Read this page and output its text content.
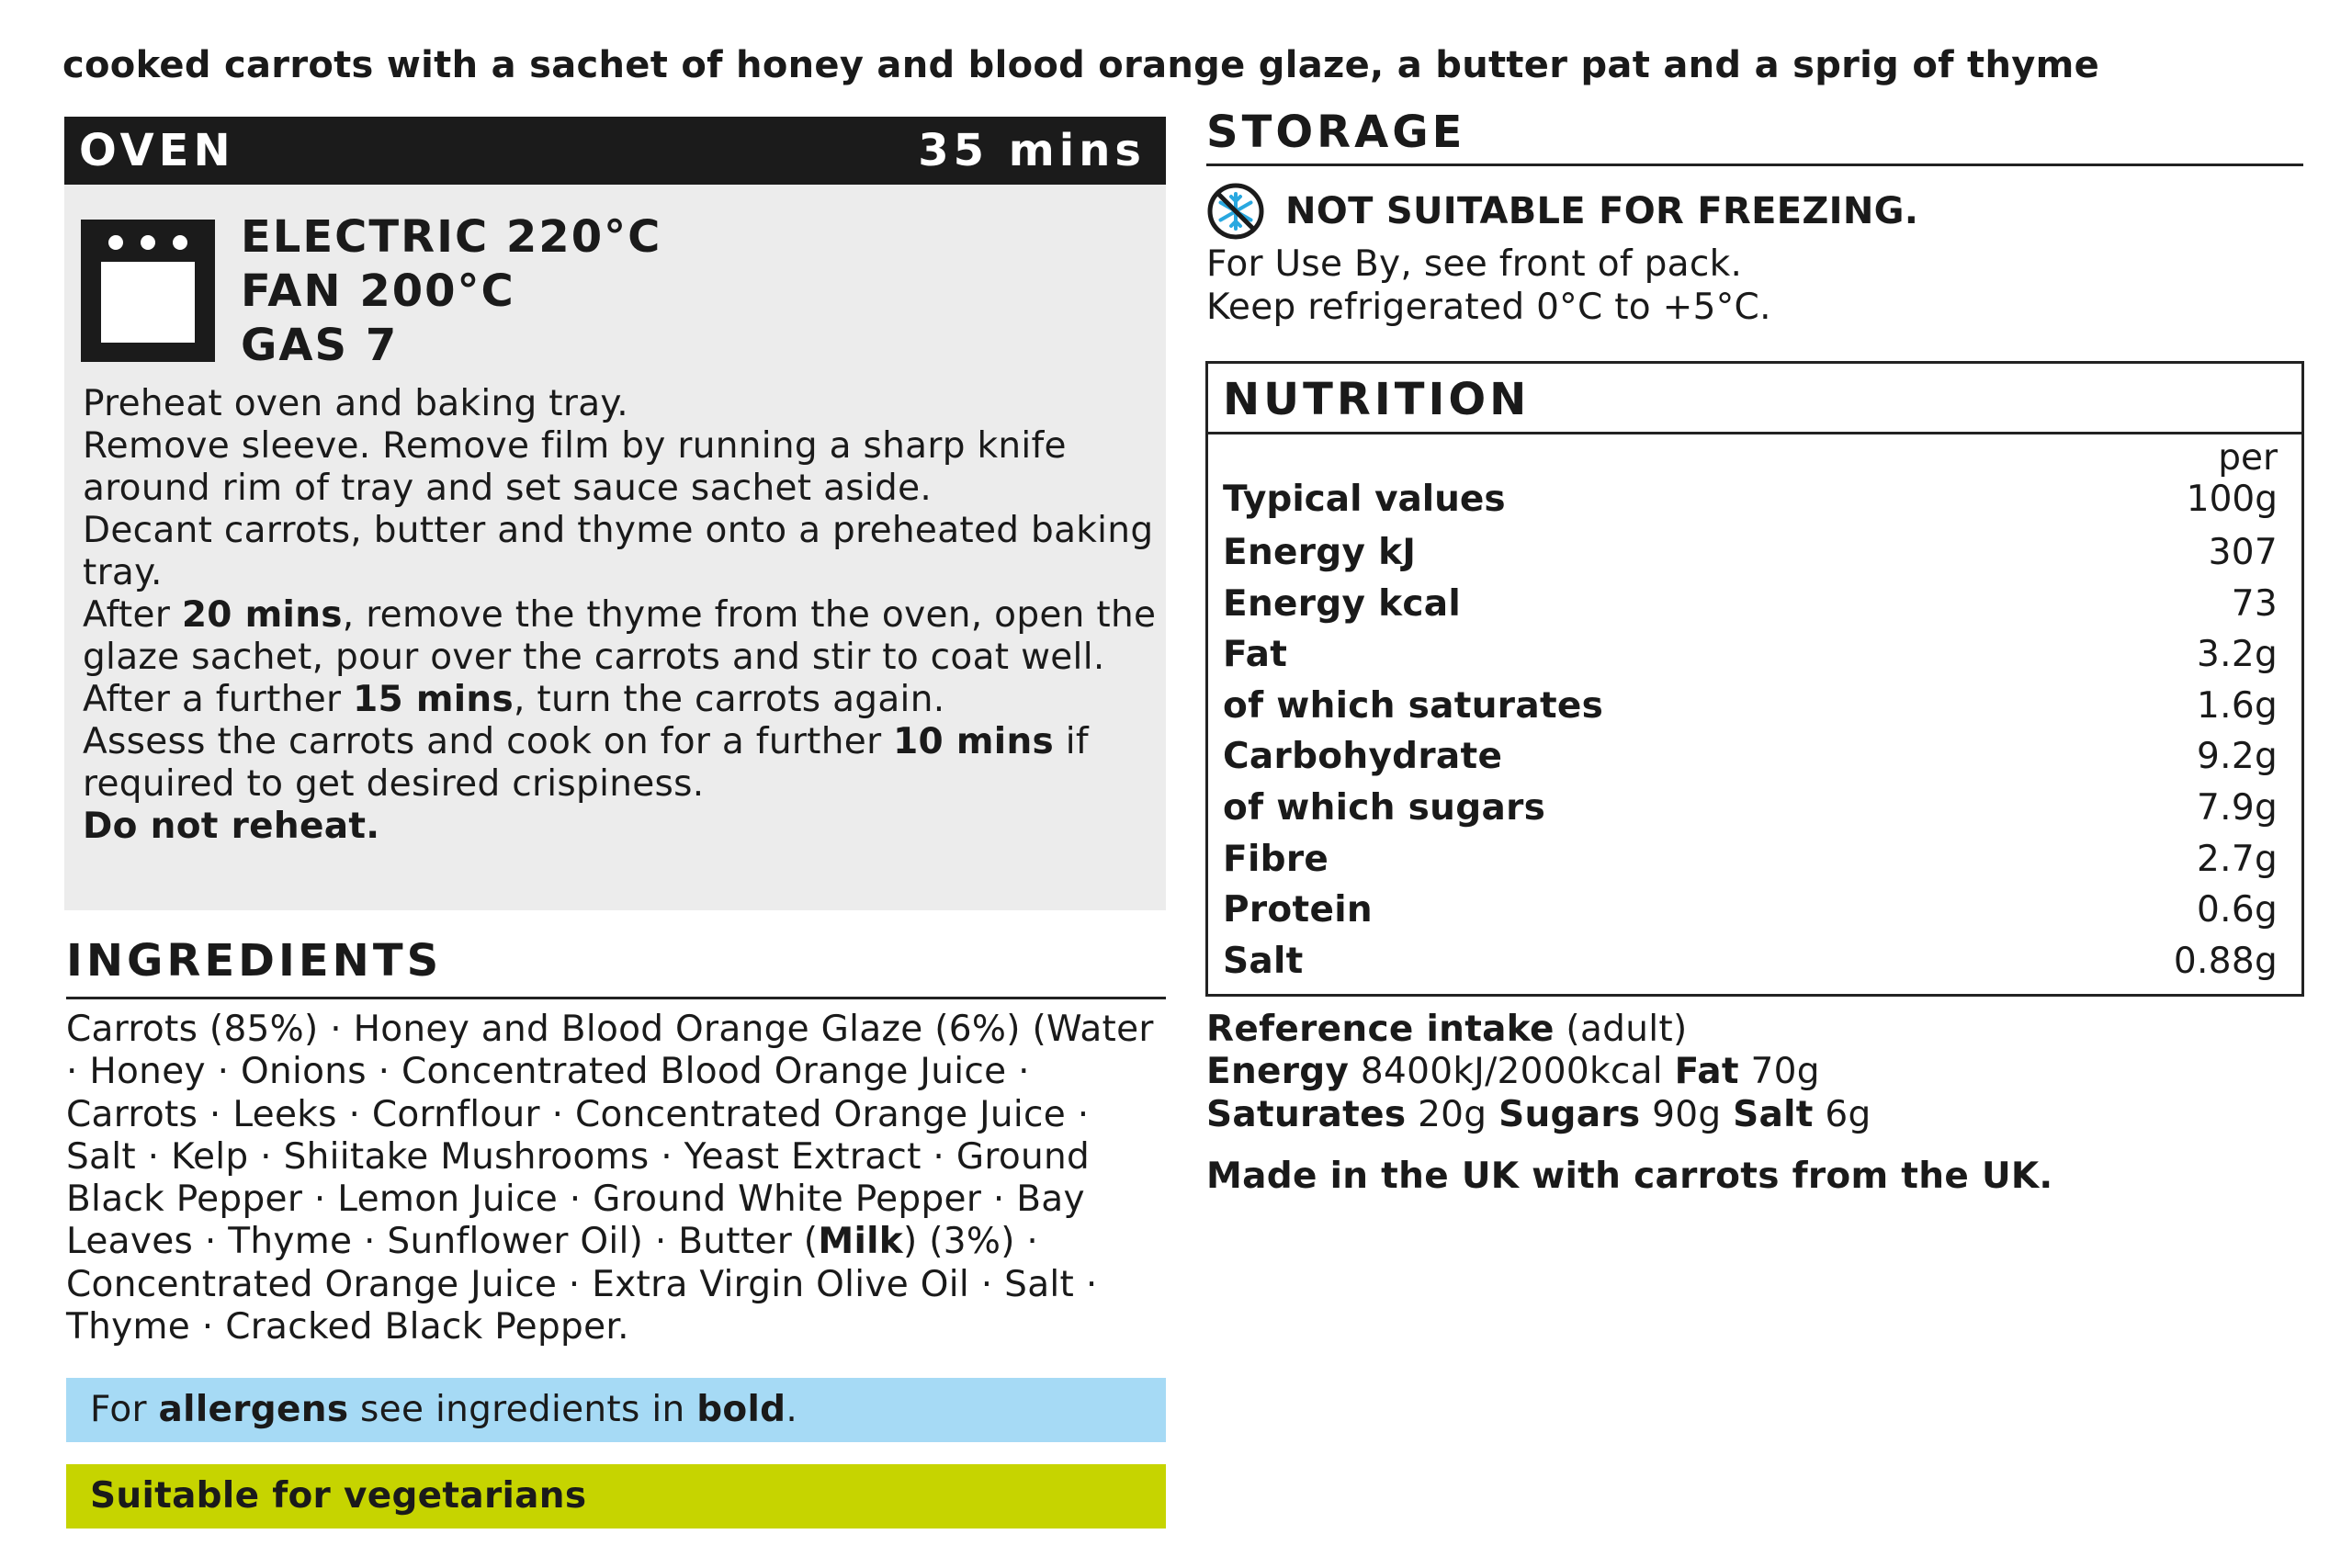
cooked carrots with a sachet of honey and blood orange glaze, a butter pat and a sprig of thyme
OVEN	35 mins
ELECTRIC 220°C
FAN 200°C
GAS 7

Preheat oven and baking tray.

Remove sleeve. Remove film by running a sharp knife around rim of tray and set sauce sachet aside.

Decant carrots, butter and thyme onto a preheated baking tray.

After 20 mins, remove the thyme from the oven, open the glaze sachet, pour over the carrots and stir to coat well.

After a further 15 mins, turn the carrots again.

Assess the carrots and cook on for a further 10 mins if required to get desired crispiness.

Do not reheat.

INGREDIENTS
Carrots (85%) · Honey and Blood Orange Glaze (6%) (Water · Honey · Onions · Concentrated Blood Orange Juice · Carrots · Leeks · Cornflour · Concentrated Orange Juice · Salt · Kelp · Shiitake Mushrooms · Yeast Extract · Ground Black Pepper · Lemon Juice · Ground White Pepper · Bay Leaves · Thyme · Sunflower Oil) · Butter (Milk) (3%) · Concentrated Orange Juice · Extra Virgin Olive Oil · Salt · Thyme · Cracked Black Pepper.
For allergens see ingredients in bold.
Suitable for vegetarians
STORAGE
NOT SUITABLE FOR FREEZING.
For Use By, see front of pack.
Keep refrigerated 0°C to +5°C.
NUTRITION
per
Typical values	100g
Energy kJ	307
Energy kcal	73
Fat	3.2g
of which saturates	1.6g
Carbohydrate	9.2g
of which sugars	7.9g
Fibre	2.7g
Protein	0.6g
Salt	0.88g
Reference intake (adult)
Energy 8400kJ/2000kcal Fat 70g
Saturates 20g Sugars 90g Salt 6g
Made in the UK with carrots from the UK.
